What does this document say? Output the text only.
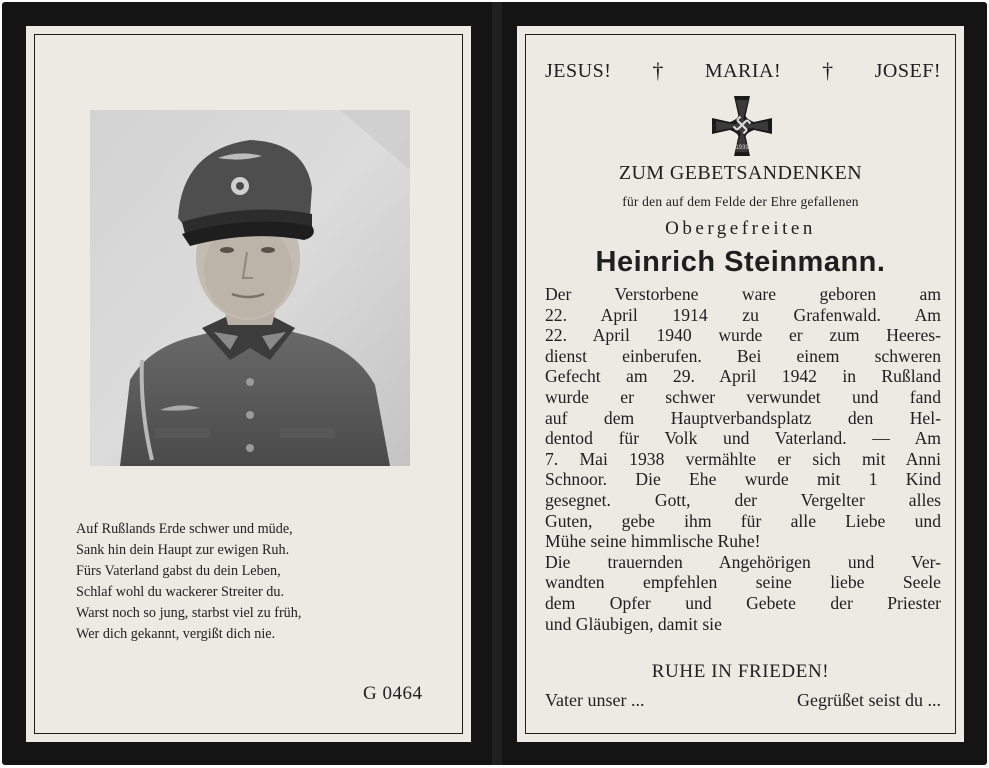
Auf Rußlands Erde schwer und müde,
Sank hin dein Haupt zur ewigen Ruh.
Fürs Vaterland gabst du dein Leben,
Schlaf wohl du wackerer Streiter du.
Warst noch so jung, starbst viel zu früh,
Wer dich gekannt, vergißt dich nie.
G 0464
JESUS! † MARIA! † JOSEF!
1939
ZUM GEBETSANDENKEN
für den auf dem Felde der Ehre gefallenen
Obergefreiten
Heinrich Steinmann.
Der Verstorbene ware geboren am
22. April 1914 zu Grafenwald. Am
22. April 1940 wurde er zum Heeres-
dienst einberufen. Bei einem schweren
Gefecht am 29. April 1942 in Rußland
wurde er schwer verwundet und fand
auf dem Hauptverbandsplatz den Hel-
dentod für Volk und Vaterland. — Am
7. Mai 1938 vermählte er sich mit Anni
Schnoor. Die Ehe wurde mit 1 Kind
gesegnet. Gott, der Vergelter alles
Guten, gebe ihm für alle Liebe und
Mühe seine himmlische Ruhe!
Die trauernden Angehörigen und Ver-
wandten empfehlen seine liebe Seele
dem Opfer und Gebete der Priester
und Gläubigen, damit sie
RUHE IN FRIEDEN!
Vater unser ...	Gegrüßet seist du ...
